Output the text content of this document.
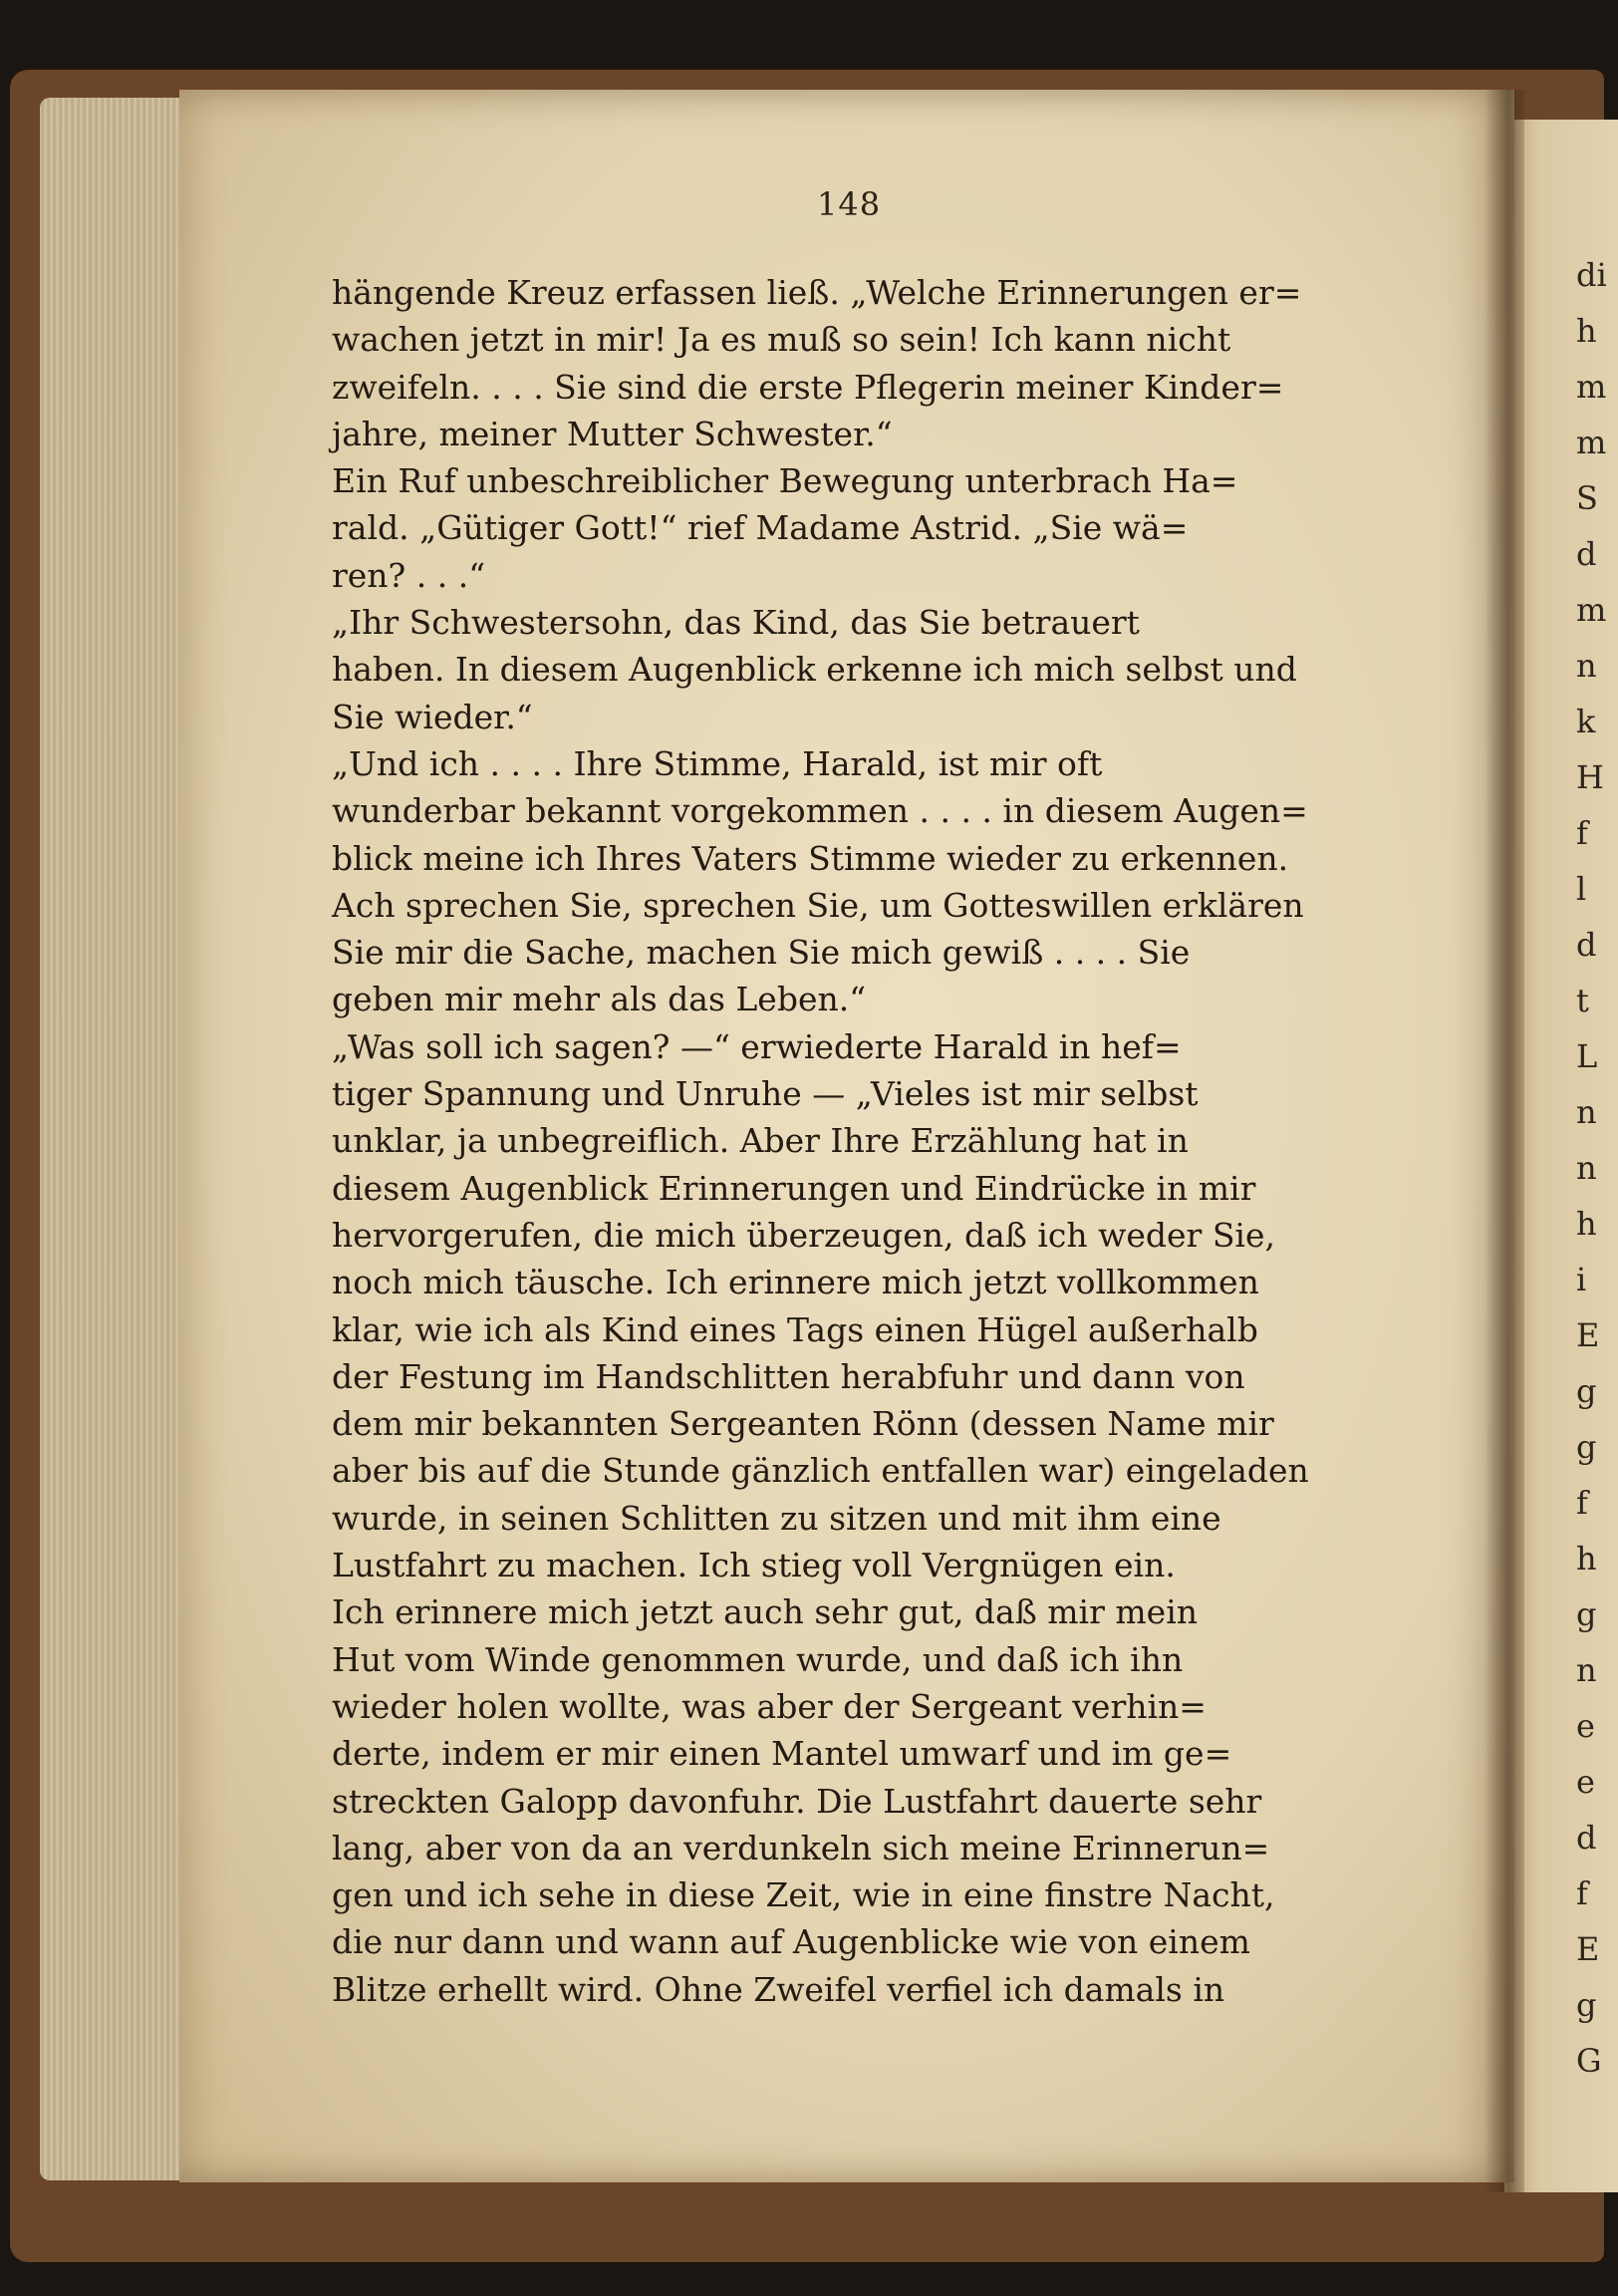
148
hängende Kreuz erfassen ließ. „Welche Erinnerungen er=
wachen jetzt in mir! Ja es muß so sein! Ich kann nicht
zweifeln. . . . Sie sind die erste Pflegerin meiner Kinder=
jahre, meiner Mutter Schwester.“
Ein Ruf unbeschreiblicher Bewegung unterbrach Ha=
rald. „Gütiger Gott!“ rief Madame Astrid. „Sie wä=
ren? . . .“
„Ihr Schwestersohn, das Kind, das Sie betrauert
haben. In diesem Augenblick erkenne ich mich selbst und
Sie wieder.“
„Und ich . . . . Ihre Stimme, Harald, ist mir oft
wunderbar bekannt vorgekommen . . . . in diesem Augen=
blick meine ich Ihres Vaters Stimme wieder zu erkennen.
Ach sprechen Sie, sprechen Sie, um Gotteswillen erklären
Sie mir die Sache, machen Sie mich gewiß . . . . Sie
geben mir mehr als das Leben.“
„Was soll ich sagen? —“ erwiederte Harald in hef=
tiger Spannung und Unruhe — „Vieles ist mir selbst
unklar, ja unbegreiflich. Aber Ihre Erzählung hat in
diesem Augenblick Erinnerungen und Eindrücke in mir
hervorgerufen, die mich überzeugen, daß ich weder Sie,
noch mich täusche. Ich erinnere mich jetzt vollkommen
klar, wie ich als Kind eines Tags einen Hügel außerhalb
der Festung im Handschlitten herabfuhr und dann von
dem mir bekannten Sergeanten Rönn (dessen Name mir
aber bis auf die Stunde gänzlich entfallen war) eingeladen
wurde, in seinen Schlitten zu sitzen und mit ihm eine
Lustfahrt zu machen. Ich stieg voll Vergnügen ein.
Ich erinnere mich jetzt auch sehr gut, daß mir mein
Hut vom Winde genommen wurde, und daß ich ihn
wieder holen wollte, was aber der Sergeant verhin=
derte, indem er mir einen Mantel umwarf und im ge=
streckten Galopp davonfuhr. Die Lustfahrt dauerte sehr
lang, aber von da an verdunkeln sich meine Erinnerun=
gen und ich sehe in diese Zeit, wie in eine finstre Nacht,
die nur dann und wann auf Augenblicke wie von einem
Blitze erhellt wird. Ohne Zweifel verfiel ich damals in
di
h
m
m
S
d
m
n
k
H
f
l
d
t
L
n
n
h
i
E
g
g
f
h
g
n
e
e
d
f
E
g
G
